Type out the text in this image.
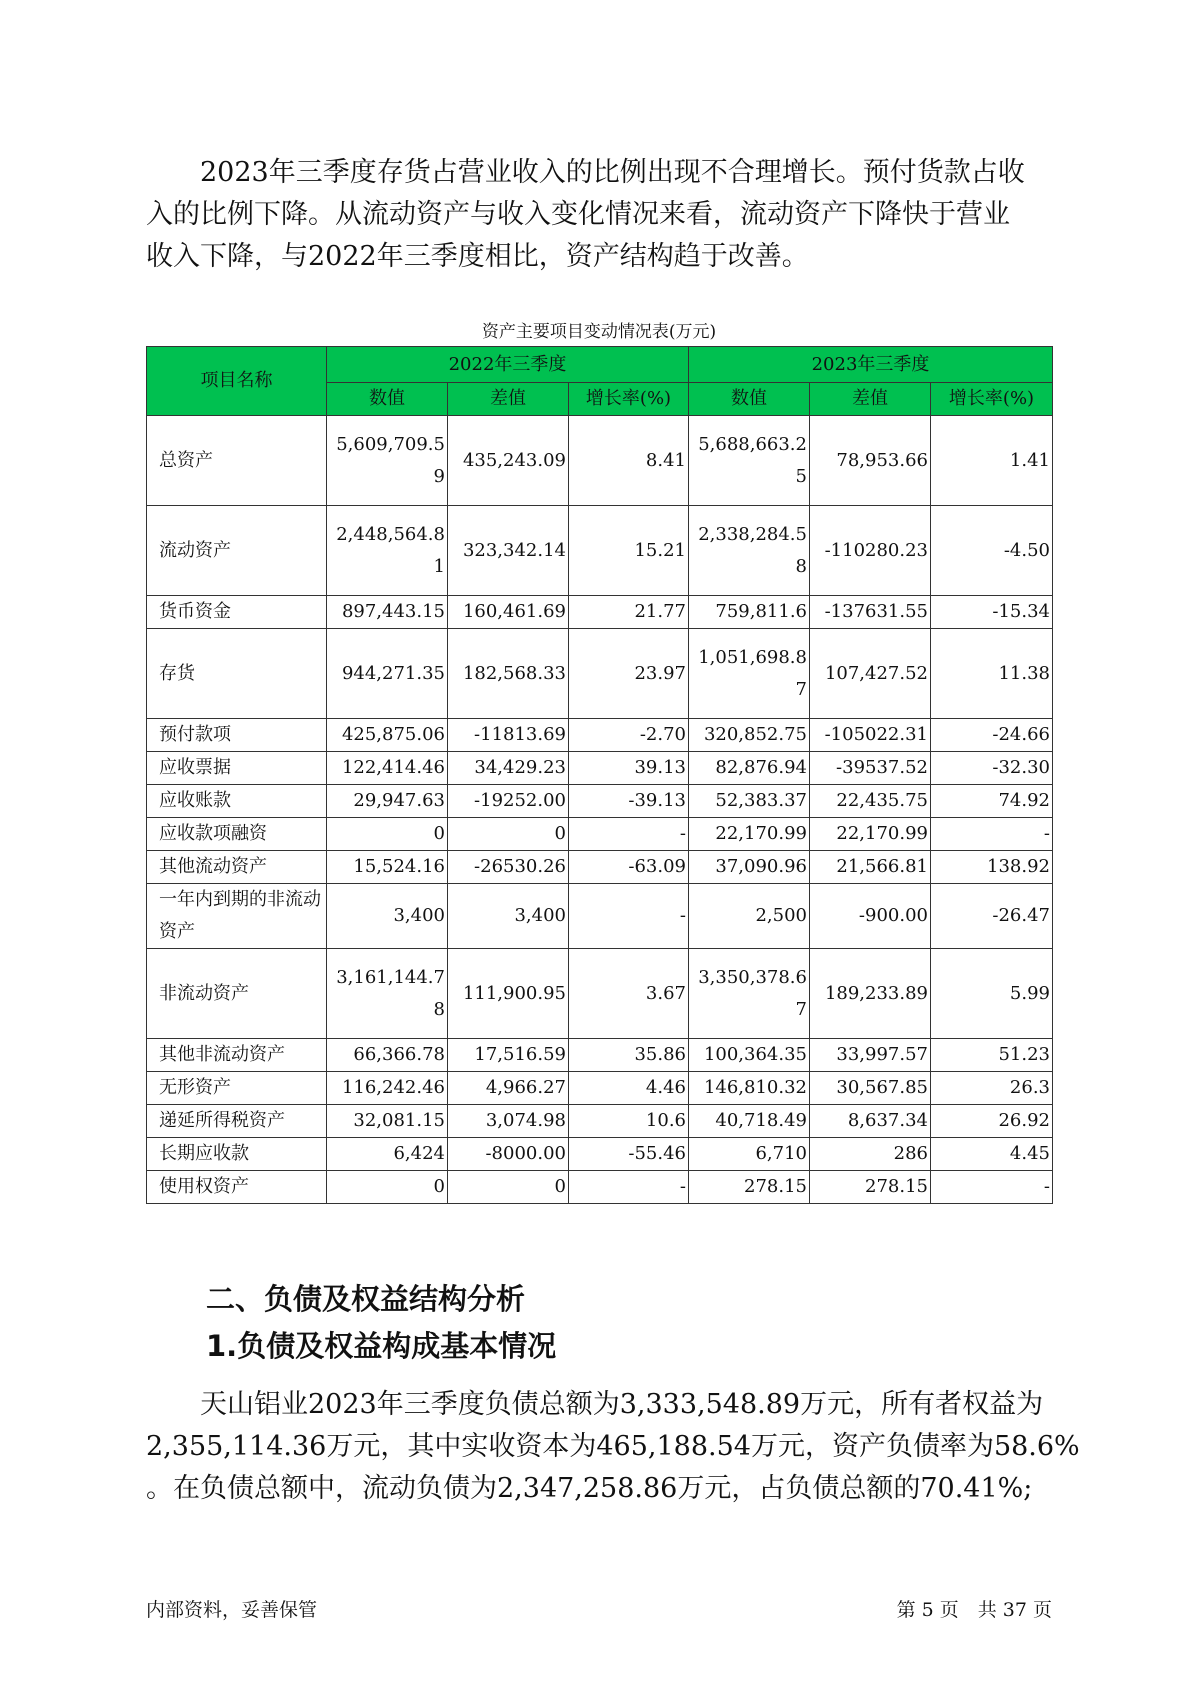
2023年三季度存货占营业收入的比例出现不合理增长。预付货款占收
入的比例下降。从流动资产与收入变化情况来看，流动资产下降快于营业
收入下降，与2022年三季度相比，资产结构趋于改善。
资产主要项目变动情况表(万元)
项目名称	2022年三季度			2023年三季度		
	数值	差值	增长率(%)	数值	差值	增长率(%)
总资产	5,609,709.59	435,243.09	8.41	5,688,663.25	78,953.66	1.41
流动资产	2,448,564.81	323,342.14	15.21	2,338,284.58	-110280.23	-4.50
货币资金	897,443.15	160,461.69	21.77	759,811.6	-137631.55	-15.34
存货	944,271.35	182,568.33	23.97	1,051,698.87	107,427.52	11.38
预付款项	425,875.06	-11813.69	-2.70	320,852.75	-105022.31	-24.66
应收票据	122,414.46	34,429.23	39.13	82,876.94	-39537.52	-32.30
应收账款	29,947.63	-19252.00	-39.13	52,383.37	22,435.75	74.92
应收款项融资	0	0	-	22,170.99	22,170.99	-
其他流动资产	15,524.16	-26530.26	-63.09	37,090.96	21,566.81	138.92
一年内到期的非流动资产	3,400	3,400	-	2,500	-900.00	-26.47
非流动资产	3,161,144.78	111,900.95	3.67	3,350,378.67	189,233.89	5.99
其他非流动资产	66,366.78	17,516.59	35.86	100,364.35	33,997.57	51.23
无形资产	116,242.46	4,966.27	4.46	146,810.32	30,567.85	26.3
递延所得税资产	32,081.15	3,074.98	10.6	40,718.49	8,637.34	26.92
长期应收款	6,424	-8000.00	-55.46	6,710	286	4.45
使用权资产	0	0	-	278.15	278.15	-
二、负债及权益结构分析
1.负债及权益构成基本情况
天山铝业2023年三季度负债总额为3,333,548.89万元，所有者权益为
2,355,114.36万元，其中实收资本为465,188.54万元，资产负债率为58.6%
。在负债总额中，流动负债为2,347,258.86万元，占负债总额的70.41%;
内部资料，妥善保管	第 5 页　共 37 页
